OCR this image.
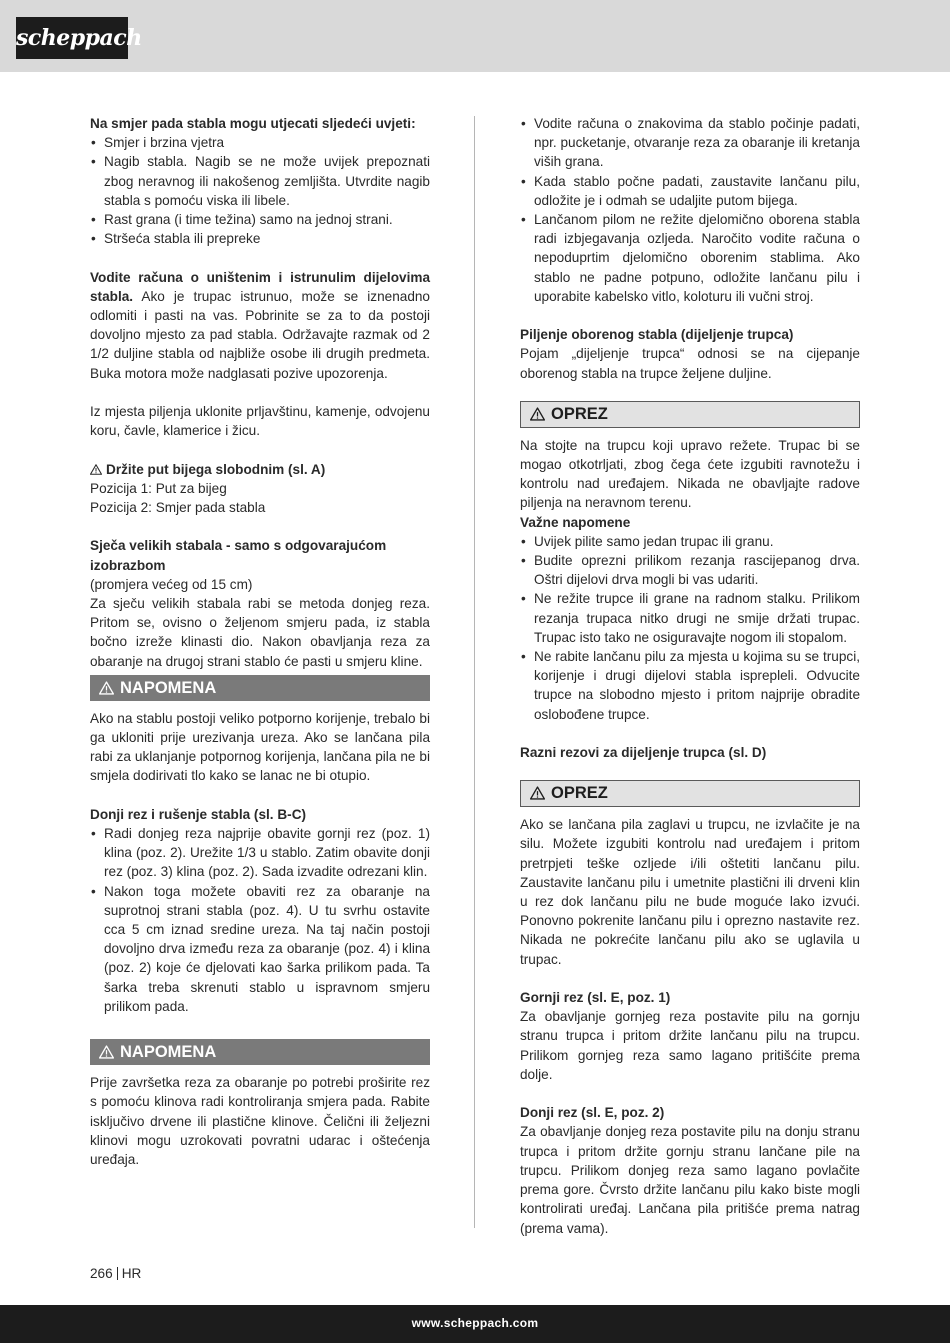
scheppach

Na smjer pada stabla mogu utjecati sljedeći uvjeti:

• Smjer i brzina vjetra
• Nagib stabla. Nagib se ne može uvijek prepoznati zbog neravnog ili nakošenog zemljišta. Utvrdite nagib stabla s pomoću viska ili libele.
• Rast grana (i time težina) samo na jednoj strani.
• Stršeća stabla ili prepreke

Vodite računa o uništenim i istrunulim dijelovima stabla. Ako je trupac istrunuo, može se iznenadno odlomiti i pasti na vas. Pobrinite se za to da postoji dovoljno mjesto za pad stabla. Održavajte razmak od 2 1/2 duljine stabla od najbliže osobe ili drugih predmeta. Buka motora može nadglasati pozive upozorenja.

Iz mjesta piljenja uklonite prljavštinu, kamenje, odvojenu koru, čavle, klamerice i žicu.

Držite put bijega slobodnim (sl. A)

Pozicija 1: Put za bijeg

Pozicija 2: Smjer pada stabla

Sječa velikih stabala - samo s odgovarajućom izobrazbom

(promjera većeg od 15 cm)

Za sječu velikih stabala rabi se metoda donjeg reza. Pritom se, ovisno o željenom smjeru pada, iz stabla bočno izreže klinasti dio. Nakon obavljanja reza za obaranje na drugoj strani stablo će pasti u smjeru kline.

NAPOMENA

Ako na stablu postoji veliko potporno korijenje, trebalo bi ga ukloniti prije urezivanja ureza. Ako se lančana pila rabi za uklanjanje potpornog korijenja, lančana pila ne bi smjela dodirivati tlo kako se lanac ne bi otupio.

Donji rez i rušenje stabla (sl. B-C)

• Radi donjeg reza najprije obavite gornji rez (poz. 1) klina (poz. 2). Urežite 1/3 u stablo. Zatim obavite donji rez (poz. 3) klina (poz. 2). Sada izvadite odrezani klin.
• Nakon toga možete obaviti rez za obaranje na suprotnoj strani stabla (poz. 4). U tu svrhu ostavite cca 5 cm iznad sredine ureza. Na taj način postoji dovoljno drva između reza za obaranje (poz. 4) i klina (poz. 2) koje će djelovati kao šarka prilikom pada. Ta šarka treba skrenuti stablo u ispravnom smjeru prilikom pada.
NAPOMENA

Prije završetka reza za obaranje po potrebi proširite rez s pomoću klinova radi kontroliranja smjera pada. Rabite isključivo drvene ili plastične klinove. Čelični ili željezni klinovi mogu uzrokovati povratni udarac i oštećenja uređaja.

• Vodite računa o znakovima da stablo počinje padati, npr. pucketanje, otvaranje reza za obaranje ili kretanja viših grana.
• Kada stablo počne padati, zaustavite lančanu pilu, odložite je i odmah se udaljite putom bijega.
• Lančanom pilom ne režite djelomično oborena stabla radi izbjegavanja ozljeda. Naročito vodite računa o nepoduprtim djelomično oborenim stablima. Ako stablo ne padne potpuno, odložite lančanu pilu i uporabite kabelsko vitlo, koloturu ili vučni stroj.

Piljenje oborenog stabla (dijeljenje trupca)

Pojam „dijeljenje trupca“ odnosi se na cijepanje oborenog stabla na trupce željene duljine.

OPREZ

Na stojte na trupcu koji upravo režete. Trupac bi se mogao otkotrljati, zbog čega ćete izgubiti ravnotežu i kontrolu nad uređajem. Nikada ne obavljajte radove piljenja na neravnom terenu.

Važne napomene

• Uvijek pilite samo jedan trupac ili granu.
• Budite oprezni prilikom rezanja rascijepanog drva. Oštri dijelovi drva mogli bi vas udariti.
• Ne režite trupce ili grane na radnom stalku. Prilikom rezanja trupaca nitko drugi ne smije držati trupac. Trupac isto tako ne osiguravajte nogom ili stopalom.
• Ne rabite lančanu pilu za mjesta u kojima su se trupci, korijenje i drugi dijelovi stabla isprepleli. Odvucite trupce na slobodno mjesto i pritom najprije obradite oslobođene trupce.

Razni rezovi za dijeljenje trupca (sl. D)

OPREZ

Ako se lančana pila zaglavi u trupcu, ne izvlačite je na silu. Možete izgubiti kontrolu nad uređajem i pritom pretrpjeti teške ozljede i/ili oštetiti lančanu pilu. Zaustavite lančanu pilu i umetnite plastični ili drveni klin u rez dok lančanu pilu ne bude moguće lako izvući. Ponovno pokrenite lančanu pilu i oprezno nastavite rez. Nikada ne pokrećite lančanu pilu ako se uglavila u trupac.

Gornji rez (sl. E, poz. 1)

Za obavljanje gornjeg reza postavite pilu na gornju stranu trupca i pritom držite lančanu pilu na trupcu. Prilikom gornjeg reza samo lagano pritišćite prema dolje.

Donji rez (sl. E, poz. 2)

Za obavljanje donjeg reza postavite pilu na donju stranu trupca i pritom držite gornju stranu lančane pile na trupcu. Prilikom donjeg reza samo lagano povlačite prema gore. Čvrsto držite lančanu pilu kako biste mogli kontrolirati uređaj. Lančana pila pritišće prema natrag (prema vama).

266 HR
www.scheppach.com
